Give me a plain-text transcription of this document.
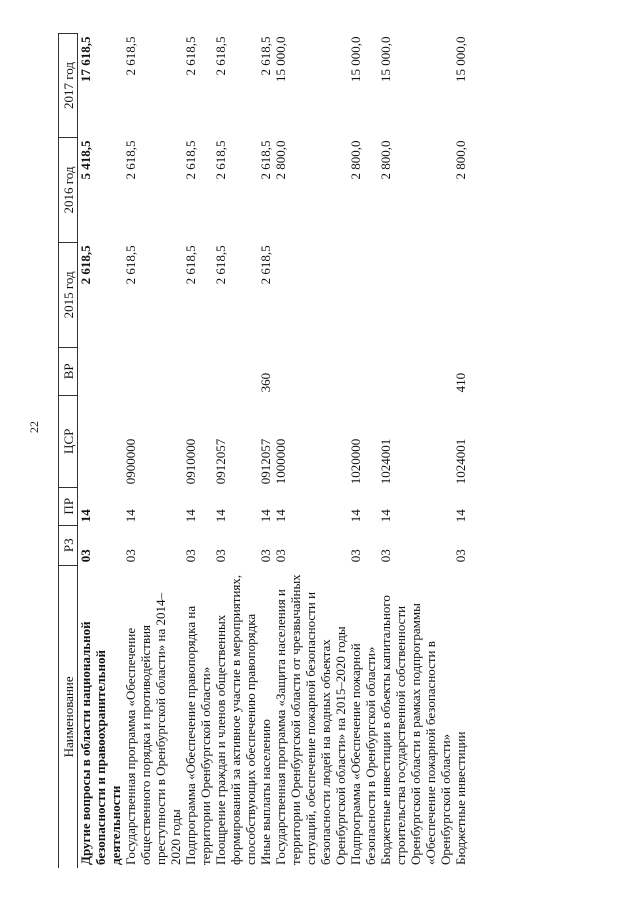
22
Наименование	РЗ	ПР	ЦСР	ВР	2015 год	2016 год	2017 год
Другие вопросы в области национальной безопасности и правоохранительной деятельности	03	14			2 618,5	5 418,5	17 618,5
Государственная программа «Обеспечение общественного порядка и противодействия преступности в Оренбургской области» на 2014–2020 годы	03	14	0900000		2 618,5	2 618,5	2 618,5
Подпрограмма «Обеспечение правопорядка на территории Оренбургской области»	03	14	0910000		2 618,5	2 618,5	2 618,5
Поощрение граждан и членов общественных формирований за активное участие в мероприятиях, способствующих обеспечению правопорядка	03	14	0912057		2 618,5	2 618,5	2 618,5
Иные выплаты населению	03	14	0912057	360	2 618,5	2 618,5	2 618,5
Государственная программа «Защита населения и территории Оренбургской области от чрезвычайных ситуаций, обеспечение пожарной безопасности и безопасности людей на водных объектах Оренбургской области» на 2015–2020 годы	03	14	1000000			2 800,0	15 000,0
Подпрограмма «Обеспечение пожарной безопасности в Оренбургской области»	03	14	1020000			2 800,0	15 000,0
Бюджетные инвестиции в объекты капитального строительства государственной собственности Оренбургской области в рамках подпрограммы «Обеспечение пожарной безопасности в Оренбургской области»	03	14	1024001			2 800,0	15 000,0
Бюджетные инвестиции	03	14	1024001	410		2 800,0	15 000,0
